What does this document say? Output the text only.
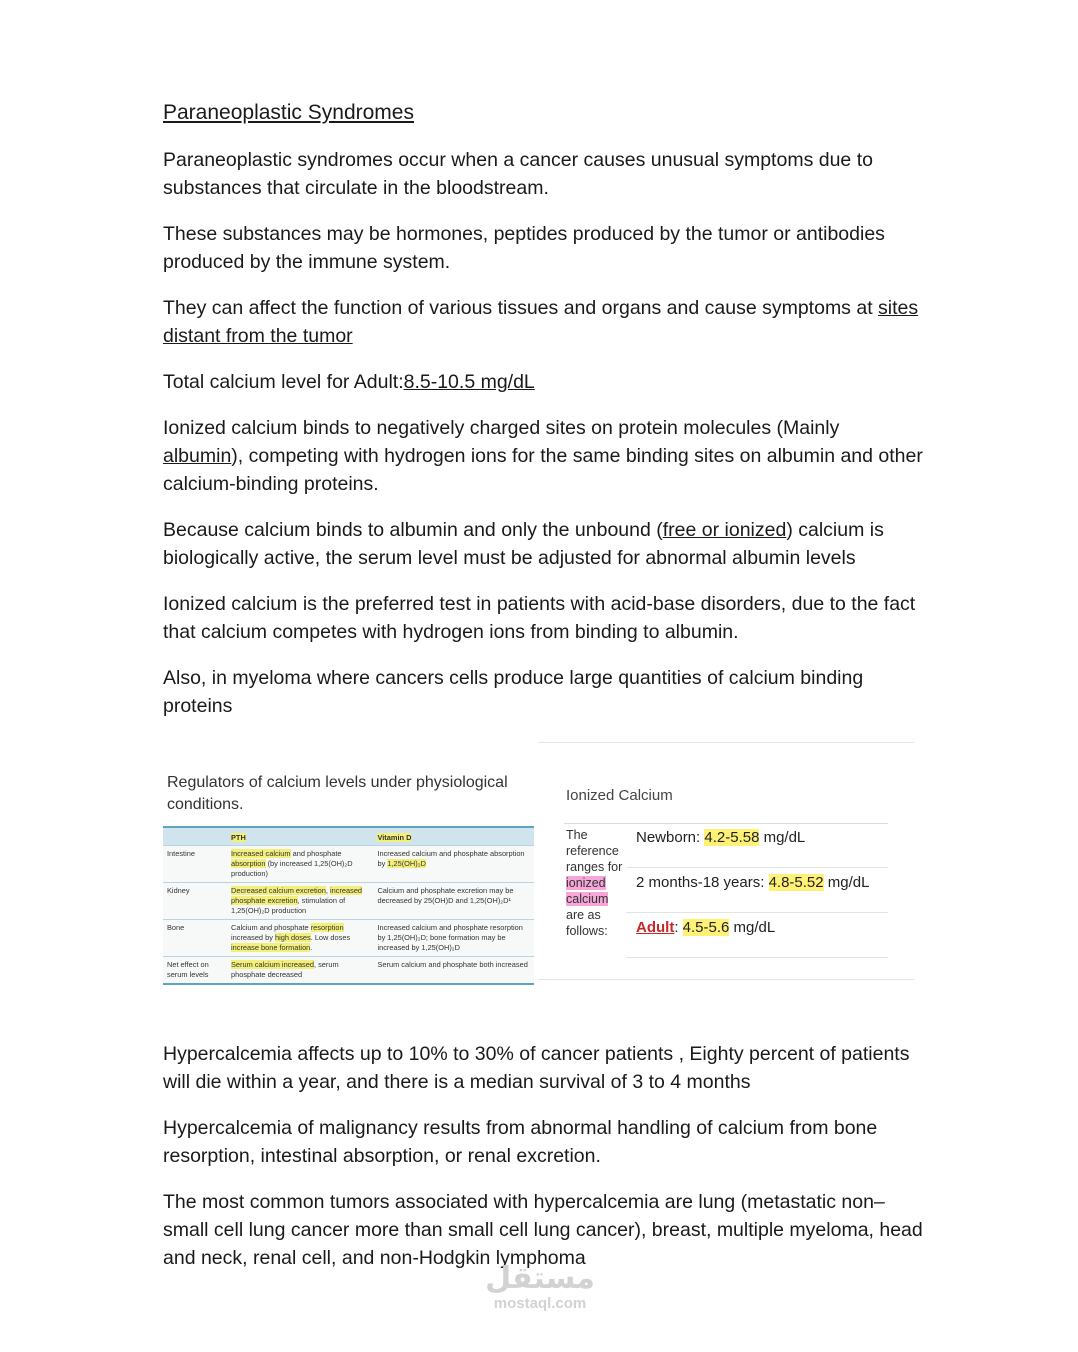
Paraneoplastic Syndromes

Paraneoplastic syndromes occur when a cancer causes unusual symptoms due to substances that circulate in the bloodstream.

These substances may be hormones, peptides produced by the tumor or antibodies produced by the immune system.

They can affect the function of various tissues and organs and cause symptoms at sites distant from the tumor

Total calcium level for Adult:8.5-10.5 mg/dL

Ionized calcium binds to negatively charged sites on protein molecules (Mainly albumin), competing with hydrogen ions for the same binding sites on albumin and other calcium-binding proteins.

Because calcium binds to albumin and only the unbound (free or ionized) calcium is biologically active, the serum level must be adjusted for abnormal albumin levels

Ionized calcium is the preferred test in patients with acid-base disorders, due to the fact that calcium competes with hydrogen ions from binding to albumin.

Also, in myeloma where cancers cells produce large quantities of calcium binding proteins

Regulators of calcium levels under physiological conditions.
	PTH	Vitamin D
Intestine	Increased calcium and phosphate absorption (by increased 1,25(OH)₂D production)	Increased calcium and phosphate absorption by 1,25(OH)₂D
Kidney	Decreased calcium excretion, increased phosphate excretion, stimulation of 1,25(OH)₂D production	Calcium and phosphate excretion may be decreased by 25(OH)D and 1,25(OH)₂D¹
Bone	Calcium and phosphate resorption increased by high doses. Low doses increase bone formation.	Increased calcium and phosphate resorption by 1,25(OH)₂D; bone formation may be increased by 1,25(OH)₂D
Net effect on serum levels	Serum calcium increased, serum phosphate decreased	Serum calcium and phosphate both increased
Ionized Calcium
The reference ranges for ionized calcium are as follows:
Newborn: 4.2-5.58 mg/dL
2 months-18 years: 4.8-5.52 mg/dL
Adult: 4.5-5.6 mg/dL

Hypercalcemia affects up to 10% to 30% of cancer patients , Eighty percent of patients will die within a year, and there is a median survival of 3 to 4 months

Hypercalcemia of malignancy results from abnormal handling of calcium from bone resorption, intestinal absorption, or renal excretion.

The most common tumors associated with hypercalcemia are lung (metastatic non–small cell lung cancer more than small cell lung cancer), breast, multiple myeloma, head and neck, renal cell, and non-Hodgkin lymphoma

مستقل
mostaql.com
